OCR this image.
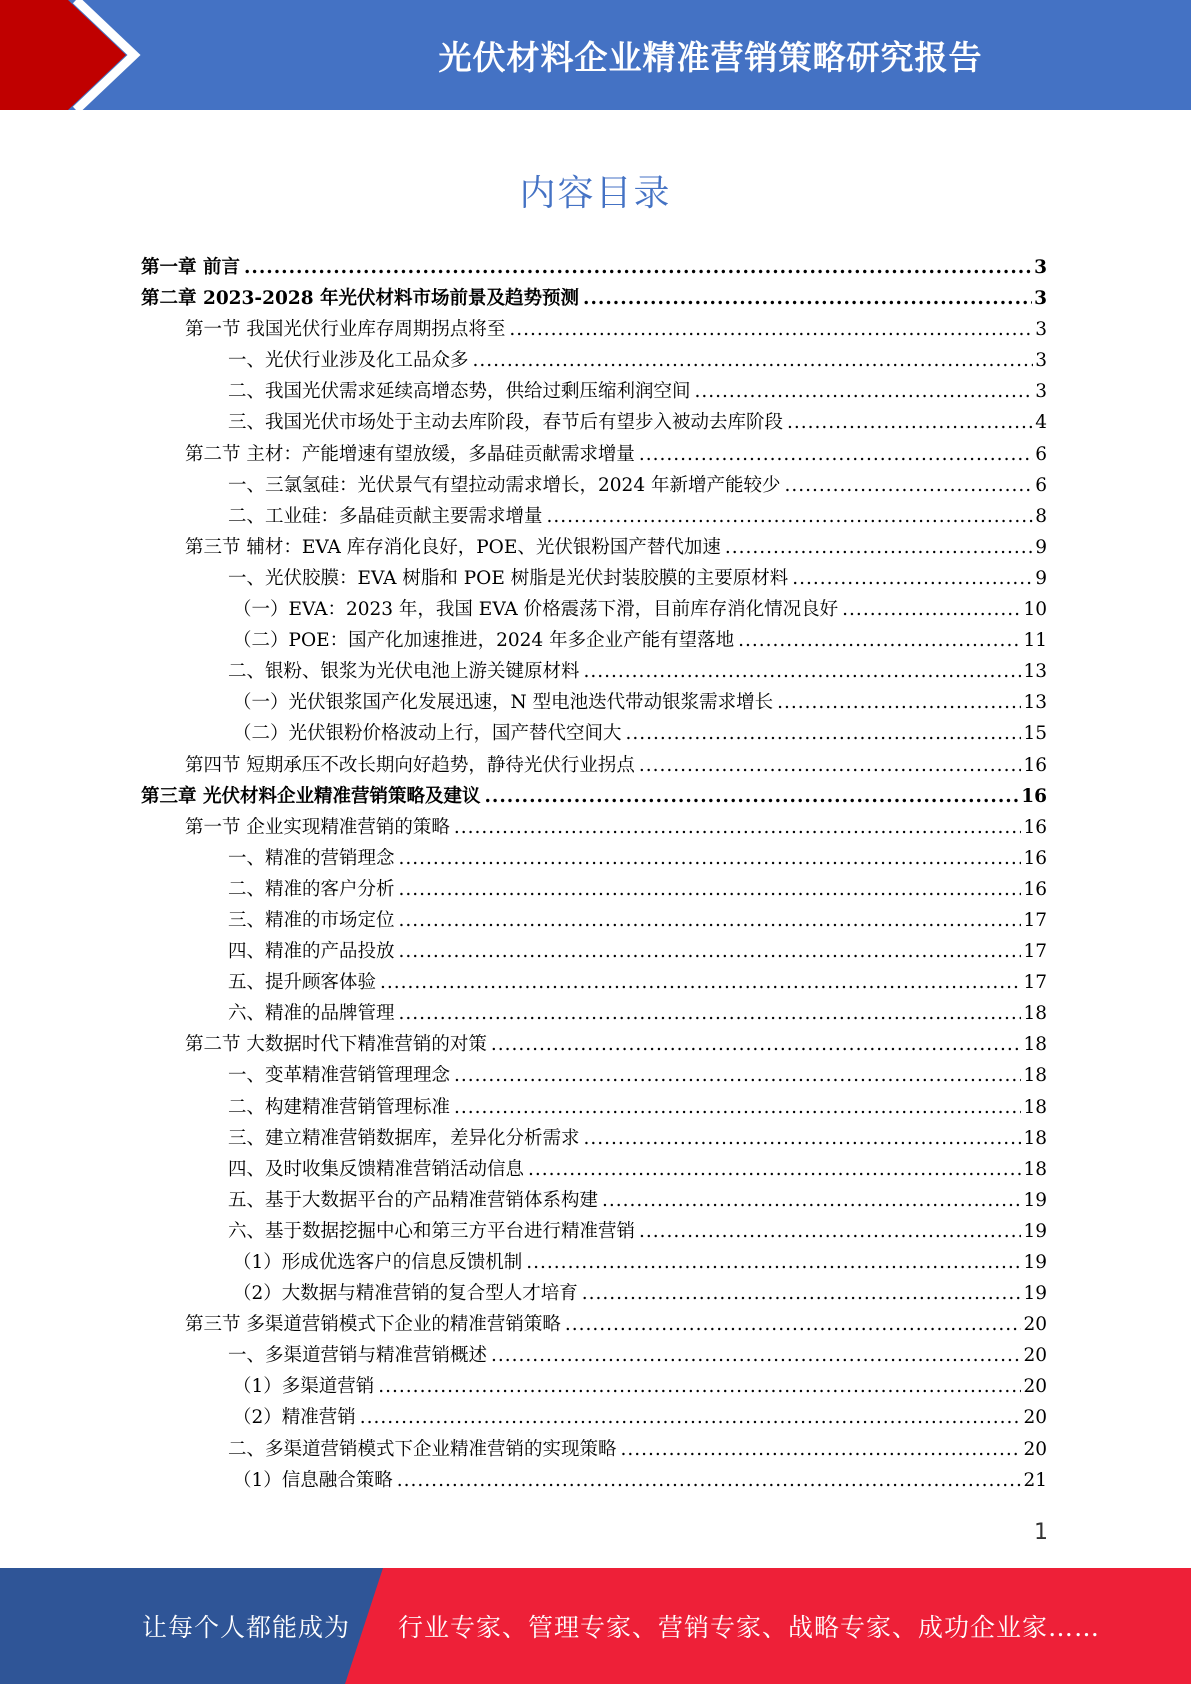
光伏材料企业精准营销策略研究报告
内容目录
第一章 前言 .....	3
第二章 2023-2028 年光伏材料市场前景及趋势预测 .....	3
第一节 我国光伏行业库存周期拐点将至 .....	3
一、光伏行业涉及化工品众多 .....	3
二、我国光伏需求延续高增态势，供给过剩压缩利润空间 .....	3
三、我国光伏市场处于主动去库阶段，春节后有望步入被动去库阶段 .....	4
第二节 主材：产能增速有望放缓，多晶硅贡献需求增量 .....	6
一、三氯氢硅：光伏景气有望拉动需求增长，2024 年新增产能较少 .....	6
二、工业硅：多晶硅贡献主要需求增量 .....	8
第三节 辅材：EVA 库存消化良好，POE、光伏银粉国产替代加速 .....	9
一、光伏胶膜：EVA 树脂和 POE 树脂是光伏封装胶膜的主要原材料 .....	9
（一）EVA：2023 年，我国 EVA 价格震荡下滑，目前库存消化情况良好 .....	10
（二）POE：国产化加速推进，2024 年多企业产能有望落地 .....	11
二、银粉、银浆为光伏电池上游关键原材料 .....	13
（一）光伏银浆国产化发展迅速，N 型电池迭代带动银浆需求增长 .....	13
（二）光伏银粉价格波动上行，国产替代空间大 .....	15
第四节 短期承压不改长期向好趋势，静待光伏行业拐点 .....	16
第三章 光伏材料企业精准营销策略及建议 .....	16
第一节 企业实现精准营销的策略 .....	16
一、精准的营销理念 .....	16
二、精准的客户分析 .....	16
三、精准的市场定位 .....	17
四、精准的产品投放 .....	17
五、提升顾客体验 .....	17
六、精准的品牌管理 .....	18
第二节 大数据时代下精准营销的对策 .....	18
一、变革精准营销管理理念 .....	18
二、构建精准营销管理标准 .....	18
三、建立精准营销数据库，差异化分析需求 .....	18
四、及时收集反馈精准营销活动信息 .....	18
五、基于大数据平台的产品精准营销体系构建 .....	19
六、基于数据挖掘中心和第三方平台进行精准营销 .....	19
（1）形成优选客户的信息反馈机制 .....	19
（2）大数据与精准营销的复合型人才培育 .....	19
第三节 多渠道营销模式下企业的精准营销策略 .....	20
一、多渠道营销与精准营销概述 .....	20
（1）多渠道营销 .....	20
（2）精准营销 .....	20
二、多渠道营销模式下企业精准营销的实现策略 .....	20
（1）信息融合策略 .....	21
1
让每个人都能成为 行业专家、管理专家、营销专家、战略专家、成功企业家……
